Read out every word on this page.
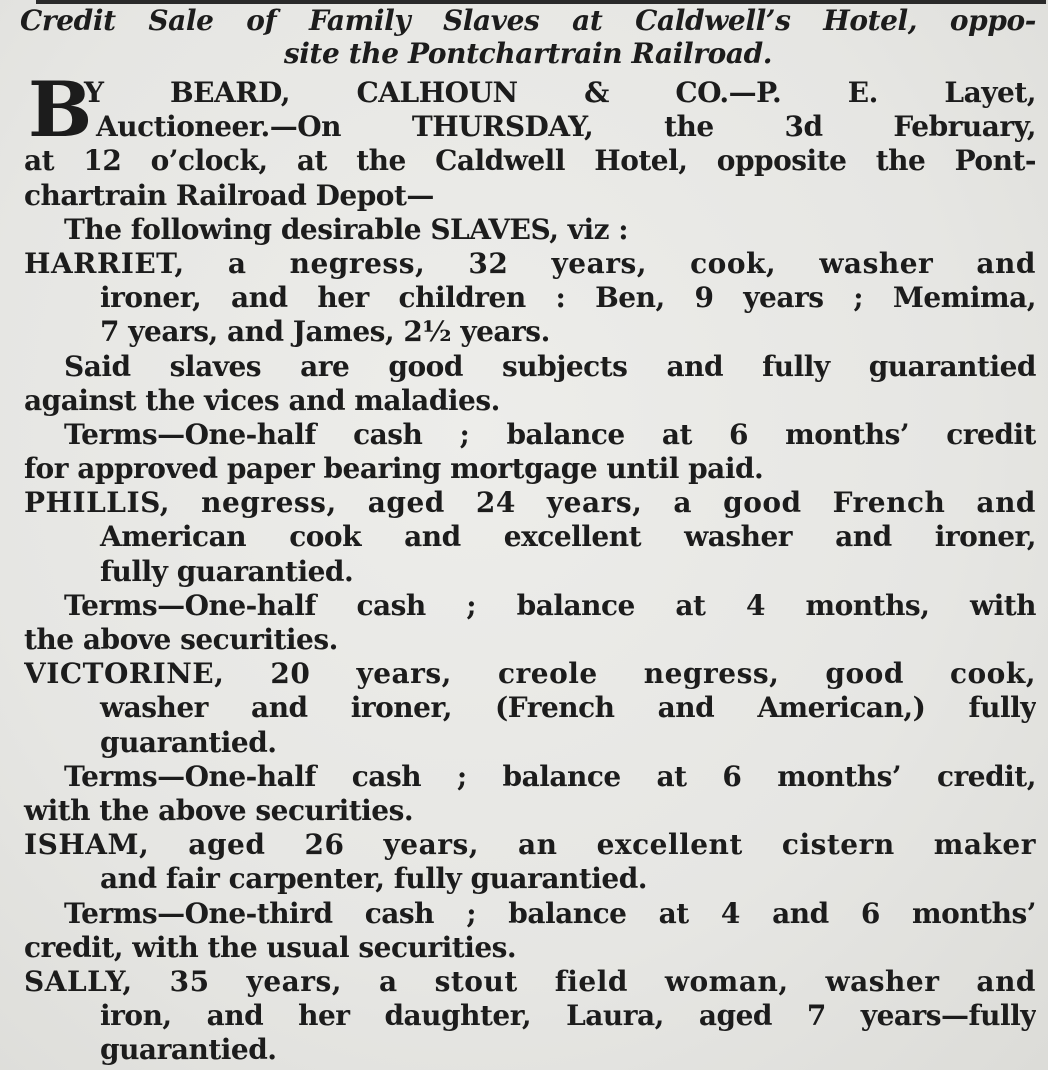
Credit Sale of Family Slaves at Caldwell’s Hotel, oppo-
site the Pontchartrain Railroad.
B
Y BEARD, CALHOUN & CO.—P. E. Layet,
Auctioneer.—On THURSDAY, the 3d February,
at 12 o’clock, at the Caldwell Hotel, opposite the Pont-
chartrain Railroad Depot—
The following desirable SLAVES, viz :
HARRIET, a negress, 32 years, cook, washer and
ironer, and her children : Ben, 9 years ; Memima,
7 years, and James, 2½ years.
Said slaves are good subjects and fully guarantied
against the vices and maladies.
Terms—One-half cash ; balance at 6 months’ credit
for approved paper bearing mortgage until paid.
PHILLIS, negress, aged 24 years, a good French and
American cook and excellent washer and ironer,
fully guarantied.
Terms—One-half cash ; balance at 4 months, with
the above securities.
VICTORINE, 20 years, creole negress, good cook,
washer and ironer, (French and American,) fully
guarantied.
Terms—One-half cash ; balance at 6 months’ credit,
with the above securities.
ISHAM, aged 26 years, an excellent cistern maker
and fair carpenter, fully guarantied.
Terms—One-third cash ; balance at 4 and 6 months’
credit, with the usual securities.
SALLY, 35 years, a stout field woman, washer and
iron, and her daughter, Laura, aged 7 years—fully
guarantied.
